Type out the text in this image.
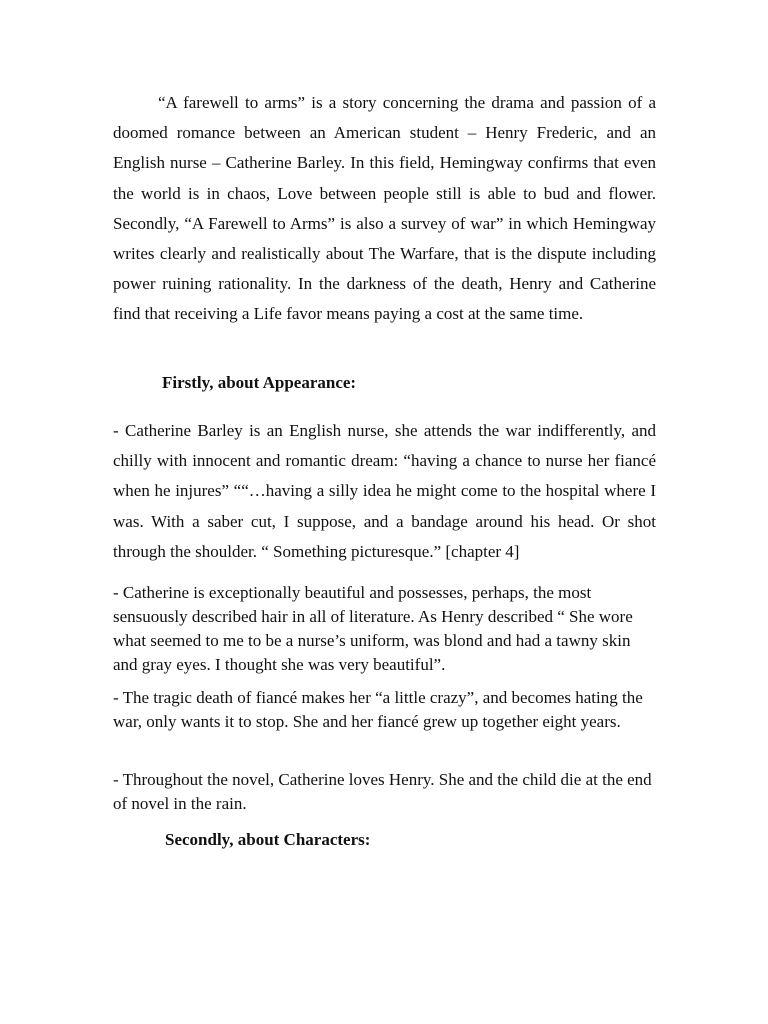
“A farewell to arms” is a story concerning the drama and passion of a doomed romance between an American student – Henry Frederic, and an English nurse – Catherine Barley. In this field, Hemingway confirms that even the world is in chaos, Love between people still is able to bud and flower. Secondly, “A Farewell to Arms” is also a survey of war” in which Hemingway writes clearly and realistically about The Warfare, that is the dispute including power ruining rationality. In the darkness of the death, Henry and Catherine find that receiving a Life favor means paying a cost at the same time.

Firstly, about Appearance:

- Catherine Barley is an English nurse, she attends the war indifferently, and chilly with innocent and romantic dream: “having a chance to nurse her fiancé when he injures” ““…having a silly idea he might come to the hospital where I was. With a saber cut, I suppose, and a bandage around his head. Or shot through the shoulder. “ Something picturesque.” [chapter 4]

- Catherine is exceptionally beautiful and possesses, perhaps, the most sensuously described hair in all of literature. As Henry described “ She wore what seemed to me to be a nurse’s uniform, was blond and had a tawny skin and gray eyes. I thought she was very beautiful”.

- The tragic death of fiancé makes her “a little crazy”, and becomes hating the war, only wants it to stop. She and her fiancé grew up together eight years.

- Throughout the novel, Catherine loves Henry. She and the child die at the end of novel in the rain.

Secondly, about Characters:
